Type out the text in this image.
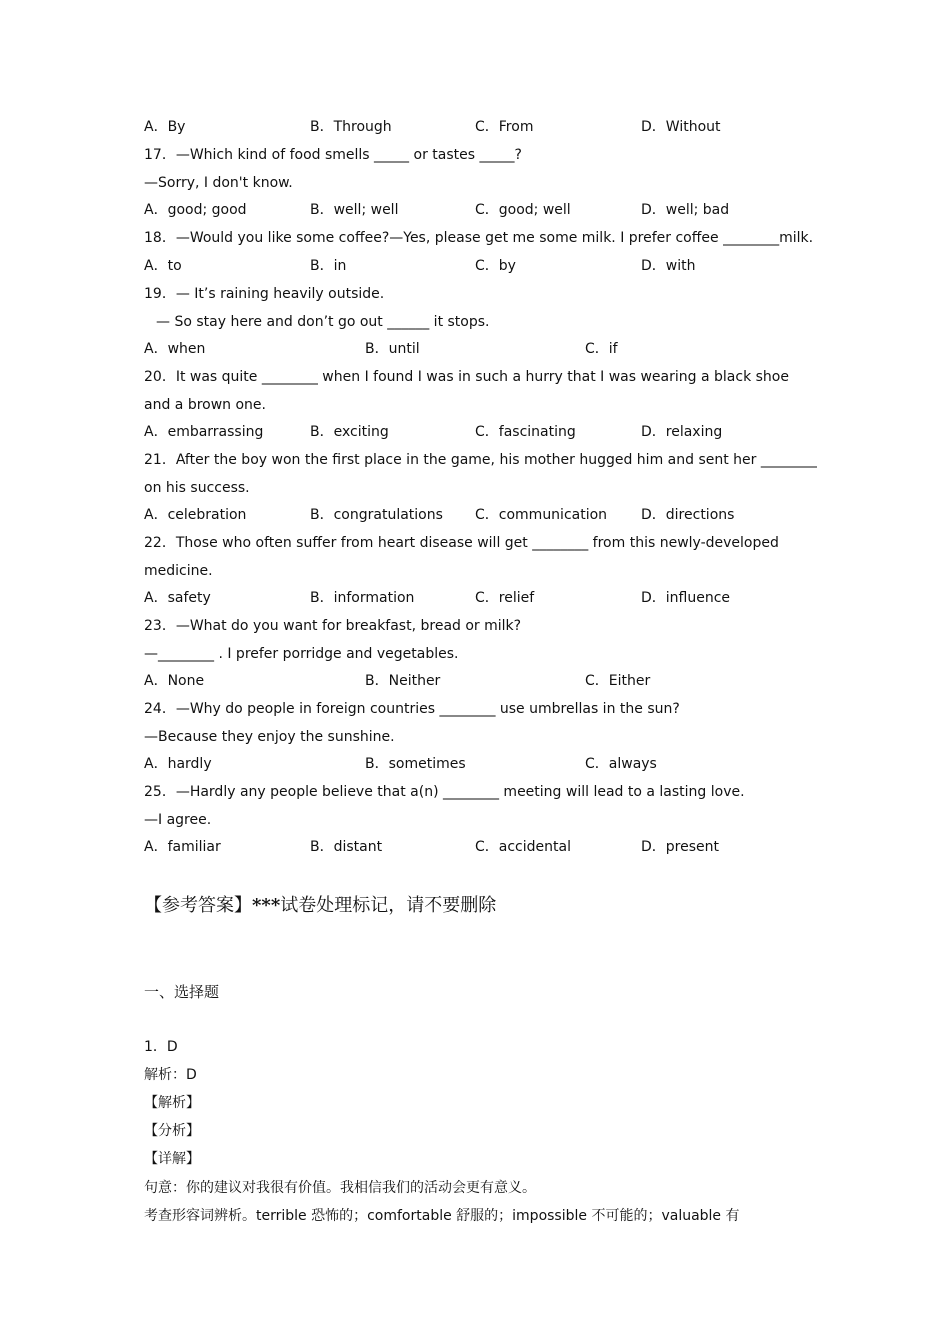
A．By	B．Through	C．From	D．Without
17．—Which kind of food smells _____ or tastes _____?
—Sorry, I don't know.
A．good; good	B．well; well	C．good; well	D．well; bad
18．—Would you like some coffee?—Yes, please get me some milk. I prefer coffee ________milk.
A．to	B．in	C．by	D．with
19．— It’s raining heavily outside.
— So stay here and don’t go out ______ it stops.
A．when	B．until	C．if
20．It was quite ________ when I found I was in such a hurry that I was wearing a black shoe
and a brown one.
A．embarrassing	B．exciting	C．fascinating	D．relaxing
21．After the boy won the first place in the game, his mother hugged him and sent her ________
on his success.
A．celebration	B．congratulations C．communication D．directions
22．Those who often suffer from heart disease will get ________ from this newly-developed
medicine.
A．safety	B．information	C．relief	D．influence
23．—What do you want for breakfast, bread or milk?
—________ . I prefer porridge and vegetables.
A．None	B．Neither	C．Either
24．—Why do people in foreign countries ________ use umbrellas in the sun?
—Because they enjoy the sunshine.
A．hardly	B．sometimes	C．always
25．—Hardly any people believe that a(n) ________ meeting will lead to a lasting love.
—I agree.
A．familiar	B．distant	C．accidental	D．present
【参考答案】***试卷处理标记，请不要删除
一、选择题
1．D
解析：D
【解析】
【分析】
【详解】
句意：你的建议对我很有价值。我相信我们的活动会更有意义。
考查形容词辨析。terrible 恐怖的；comfortable 舒服的；impossible 不可能的；valuable 有
